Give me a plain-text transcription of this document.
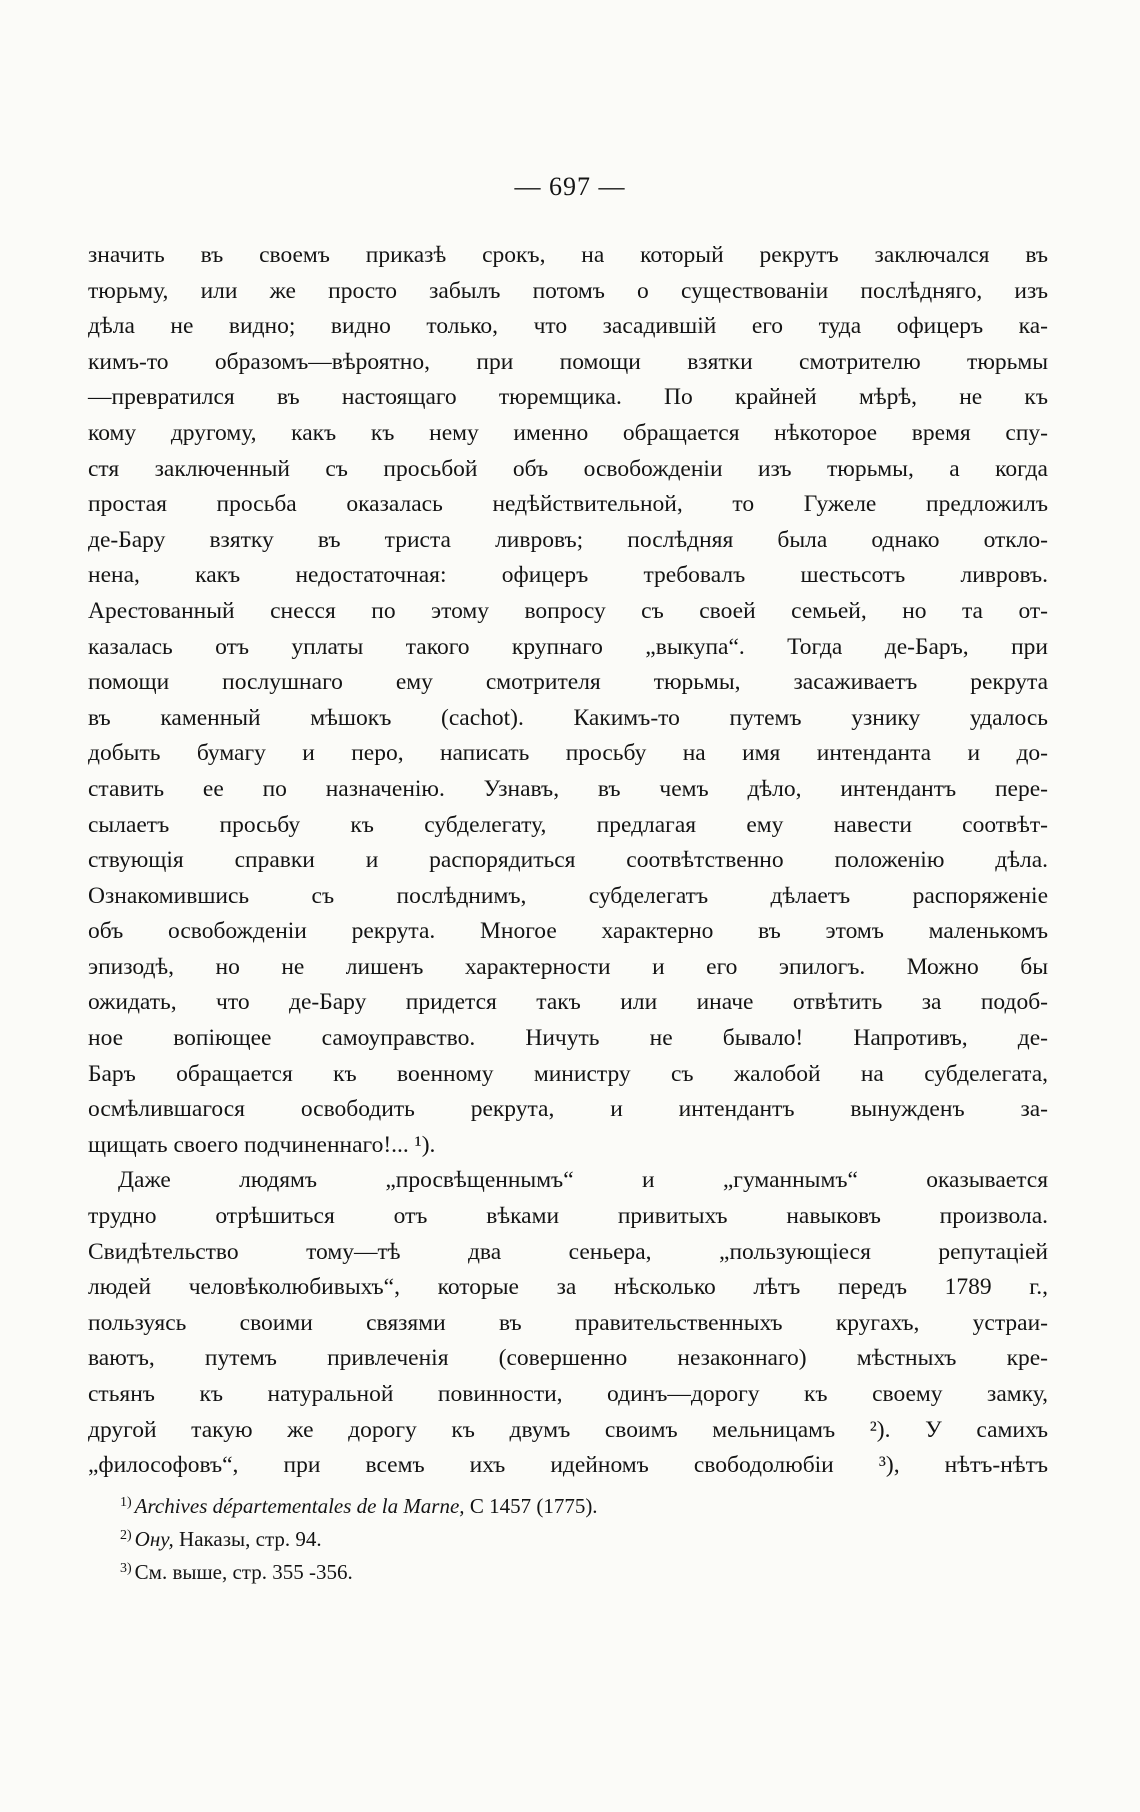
— 697 —
значить въ своемъ приказѣ срокъ, на который рекрутъ заключался въ
тюрьму, или же просто забылъ потомъ о существованіи послѣдняго, изъ
дѣла не видно; видно только, что засадившій его туда офицеръ ка-
кимъ-то образомъ—вѣроятно, при помощи взятки смотрителю тюрьмы
—превратился въ настоящаго тюремщика. По крайней мѣрѣ, не къ
кому другому, какъ къ нему именно обращается нѣкоторое время спу-
стя заключенный съ просьбой объ освобожденіи изъ тюрьмы, а когда
простая просьба оказалась недѣйствительной, то Гужеле предложилъ
де-Бару взятку въ триста ливровъ; послѣдняя была однако откло-
нена, какъ недостаточная: офицеръ требовалъ шестьсотъ ливровъ.
Арестованный снесся по этому вопросу съ своей семьей, но та от-
казалась отъ уплаты такого крупнаго „выкупа“. Тогда де-Баръ, при
помощи послушнаго ему смотрителя тюрьмы, засаживаетъ рекрута
въ каменный мѣшокъ (cachot). Какимъ-то путемъ узнику удалось
добыть бумагу и перо, написать просьбу на имя интенданта и до-
ставить ее по назначенію. Узнавъ, въ чемъ дѣло, интендантъ пере-
сылаетъ просьбу къ субделегату, предлагая ему навести соотвѣт-
ствующія справки и распорядиться соотвѣтственно положенію дѣла.
Ознакомившись съ послѣднимъ, субделегатъ дѣлаетъ распоряженіе
объ освобожденіи рекрута. Многое характерно въ этомъ маленькомъ
эпизодѣ, но не лишенъ характерности и его эпилогъ. Можно бы
ожидать, что де-Бару придется такъ или иначе отвѣтить за подоб-
ное вопіющее самоуправство. Ничуть не бывало! Напротивъ, де-
Баръ обращается къ военному министру съ жалобой на субделегата,
осмѣлившагося освободить рекрута, и интендантъ вынужденъ за-
щищать своего подчиненнаго!... ¹).
Даже людямъ „просвѣщеннымъ“ и „гуманнымъ“ оказывается
трудно отрѣшиться отъ вѣками привитыхъ навыковъ произвола.
Свидѣтельство тому—тѣ два сеньера, „пользующіеся репутаціей
людей человѣколюбивыхъ“, которые за нѣсколько лѣтъ передъ 1789 г.,
пользуясь своими связями въ правительственныхъ кругахъ, устраи-
ваютъ, путемъ привлеченія (совершенно незаконнаго) мѣстныхъ кре-
стьянъ къ натуральной повинности, одинъ—дорогу къ своему замку,
другой такую же дорогу къ двумъ своимъ мельницамъ ²). У самихъ
„философовъ“, при всемъ ихъ идейномъ свободолюбіи ³), нѣтъ-нѣтъ
$^{1)}$ Archives départementales de la Marne, C 1457 (1775).
$^{2)}$ Ону, Наказы, стр. 94.
$^{3)}$ См. выше, стр. 355 -356.
